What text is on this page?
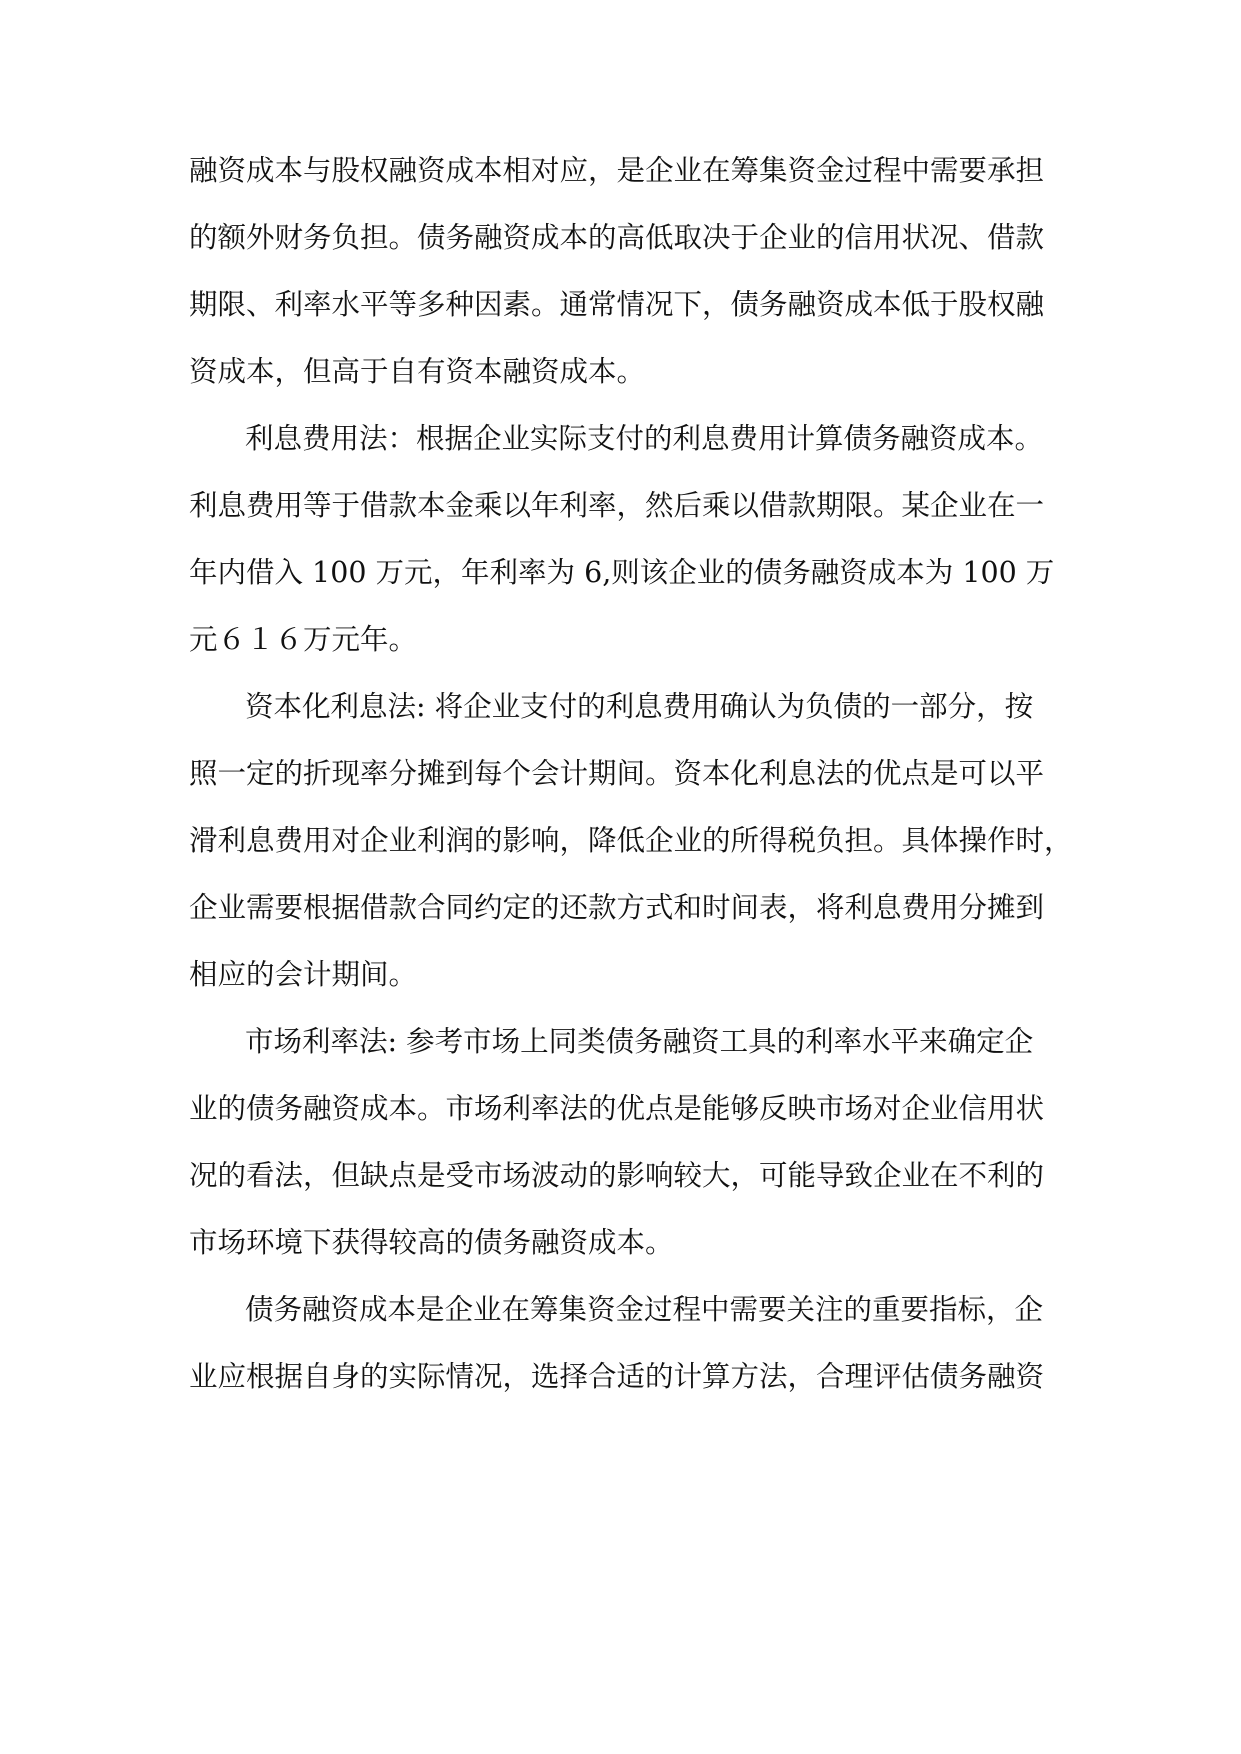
融资成本与股权融资成本相对应，是企业在筹集资金过程中需要承担
的额外财务负担。债务融资成本的高低取决于企业的信用状况、借款
期限、利率水平等多种因素。通常情况下，债务融资成本低于股权融
资成本，但高于自有资本融资成本。
利息费用法：根据企业实际支付的利息费用计算债务融资成本。
利息费用等于借款本金乘以年利率，然后乘以借款期限。某企业在一
年内借入 100 万元，年利率为 6,则该企业的债务融资成本为 100 万
元６１６万元年。
资本化利息法: 将企业支付的利息费用确认为负债的一部分，按
照一定的折现率分摊到每个会计期间。资本化利息法的优点是可以平
滑利息费用对企业利润的影响，降低企业的所得税负担。具体操作时，
企业需要根据借款合同约定的还款方式和时间表，将利息费用分摊到
相应的会计期间。
市场利率法: 参考市场上同类债务融资工具的利率水平来确定企
业的债务融资成本。市场利率法的优点是能够反映市场对企业信用状
况的看法，但缺点是受市场波动的影响较大，可能导致企业在不利的
市场环境下获得较高的债务融资成本。
债务融资成本是企业在筹集资金过程中需要关注的重要指标，企
业应根据自身的实际情况，选择合适的计算方法，合理评估债务融资
